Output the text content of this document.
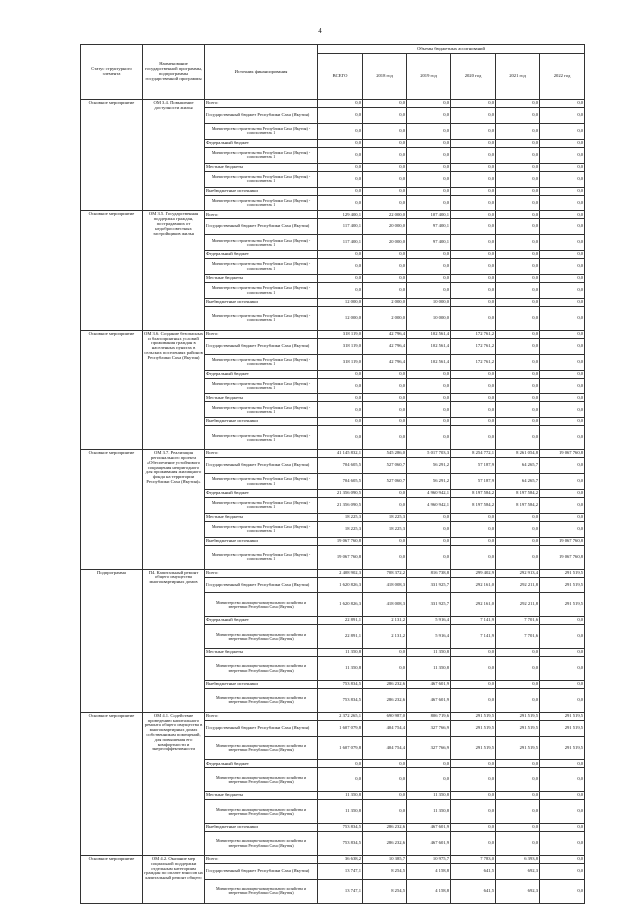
4
Статус структурного элемента	Наименование государственной программы, подпрограммы государственной программы	Источник финансирования	Объемы бюджетных ассигнований					
			ВСЕГО	2018 год	2019 год	2020 год	2021 год	2022 год
Основное мероприятие	ОМ 3.4. Повышение доступности жилья	Всего:	0,0	0,0	0,0	0,0	0,0	0,0
		Государственный бюджет Республики Саха (Якутия)	0,0	0,0	0,0	0,0	0,0	0,0
		Министерство строительства Республики Саха (Якутия) - соисполнитель 1	0,0	0,0	0,0	0,0	0,0	0,0
		Федеральный бюджет	0,0	0,0	0,0	0,0	0,0	0,0
		Министерство строительства Республики Саха (Якутия) - соисполнитель 1	0,0	0,0	0,0	0,0	0,0	0,0
		Местные бюджеты	0,0	0,0	0,0	0,0	0,0	0,0
		Министерство строительства Республики Саха (Якутия) - соисполнитель 1	0,0	0,0	0,0	0,0	0,0	0,0
		Внебюджетные источники	0,0	0,0	0,0	0,0	0,0	0,0
		Министерство строительства Республики Саха (Якутия) - соисполнитель 1	0,0	0,0	0,0	0,0	0,0	0,0
Основное мероприятие	ОМ 3.5. Государственная поддержка граждан, пострадавших от недобросовестных застройщиков жилья	Всего:	129 400,1	22 000,0	107 400,1	0,0	0,0	0,0
		Государственный бюджет Республики Саха (Якутия)	117 400,1	20 000,0	97 400,1	0,0	0,0	0,0
		Министерство строительства Республики Саха (Якутия) - соисполнитель 1	117 400,1	20 000,0	97 400,1	0,0	0,0	0,0
		Федеральный бюджет	0,0	0,0	0,0	0,0	0,0	0,0
		Министерство строительства Республики Саха (Якутия) - соисполнитель 1	0,0	0,0	0,0	0,0	0,0	0,0
		Местные бюджеты	0,0	0,0	0,0	0,0	0,0	0,0
		Министерство строительства Республики Саха (Якутия) - соисполнитель 1	0,0	0,0	0,0	0,0	0,0	0,0
		Внебюджетные источники	12 000,0	2 000,0	10 000,0	0,0	0,0	0,0
		Министерство строительства Республики Саха (Якутия) - соисполнитель 1	12 000,0	2 000,0	10 000,0	0,0	0,0	0,0
Основное мероприятие	ОМ 3.6. Создание безопасных и благоприятных условий проживания граждан в населенных пунктах в сельских поселениях районов Республики Саха (Якутия)	Всего:	318 119,0	42 796,4	102 561,4	172 761,2	0,0	0,0
		Государственный бюджет Республики Саха (Якутия)	318 119,0	42 796,4	102 561,4	172 761,2	0,0	0,0
		Министерство строительства Республики Саха (Якутия) - соисполнитель 1	318 119,0	42 796,4	102 561,4	172 761,2	0,0	0,0
		Федеральный бюджет	0,0	0,0	0,0	0,0	0,0	0,0
		Министерство строительства Республики Саха (Якутия) - соисполнитель 1	0,0	0,0	0,0	0,0	0,0	0,0
		Местные бюджеты	0,0	0,0	0,0	0,0	0,0	0,0
		Министерство строительства Республики Саха (Якутия) - соисполнитель 1	0,0	0,0	0,0	0,0	0,0	0,0
		Внебюджетные источники	0,0	0,0	0,0	0,0	0,0	0,0
		Министерство строительства Республики Саха (Якутия) - соисполнитель 1	0,0	0,0	0,0	0,0	0,0	0,0
Основное мероприятие	ОМ 3.7. Реализация регионального проекта «Обеспечение устойчивого сокращения непригодного для проживания жилищного фонда на территории Республики Саха (Якутия)»	Всего:	41 145 832,1	545 286,0	5 017 703,3	8 254 772,1	8 261 054,8	19 067 760,8
		Государственный бюджет Республики Саха (Якутия)	704 605,5	527 060,7	56 291,2	57 187,9	64 265,7	0,0
		Министерство строительства Республики Саха (Якутия) - соисполнитель 1	704 605,5	527 060,7	56 291,2	57 187,9	64 265,7	0,0
		Федеральный бюджет	21 356 090,5	0,0	4 960 942,1	8 197 584,2	8 197 584,2	0,0
		Министерство строительства Республики Саха (Якутия) - соисполнитель 1	21 356 090,5	0,0	4 960 942,1	8 197 584,2	8 197 584,2	0,0
		Местные бюджеты	18 225,3	18 225,3	0,0	0,0	0,0	0,0
		Министерство строительства Республики Саха (Якутия) - соисполнитель 1	18 225,3	18 225,3	0,0	0,0	0,0	0,0
		Внебюджетные источники	19 067 760,8	0,0	0,0	0,0	0,0	19 067 760,8
		Министерство строительства Республики Саха (Якутия) - соисполнитель 1	19 067 760,8	0,0	0,0	0,0	0,0	19 067 760,8
Подпрограмма	П4. Капитальный ремонт общего имущества многоквартирных домов	Всего:	2 408 902,3	708 372,2	816 738,8	299 402,9	292 913,4	291 519,5
		Государственный бюджет Республики Саха (Якутия)	1 620 826,3	418 008,3	331 925,7	292 161,0	292 211,8	291 519,5
		Министерство жилищно-коммунального хозяйства и энергетики Республики Саха (Якутия)	1 620 826,3	418 008,3	331 925,7	292 161,0	292 211,8	291 519,5
		Федеральный бюджет	22 891,1	2 131,2	5 916,4	7 141,9	7 701,6	0,0
		Министерство жилищно-коммунального хозяйства и энергетики Республики Саха (Якутия)	22 891,1	2 131,2	5 916,4	7 141,9	7 701,6	0,0
		Местные бюджеты	11 350,8	0,0	11 350,8	0,0	0,0	0,0
		Министерство жилищно-коммунального хозяйства и энергетики Республики Саха (Якутия)	11 350,8	0,0	11 350,8	0,0	0,0	0,0
		Внебюджетные источники	753 834,5	286 232,6	467 601,9	0,0	0,0	0,0
		Министерство жилищно-коммунального хозяйства и энергетики Республики Саха (Якутия)	753 834,5	286 232,6	467 601,9	0,0	0,0	0,0
Основное мероприятие	ОМ 4.1. Содействие проведению капитального ремонта общего имущества в многоквартирных домах собственникам помещений, для повышения его комфортности и энергоэффективности	Всего:	2 372 265,1	690 987,0	806 719,6	291 519,5	291 519,5	291 519,5
		Государственный бюджет Республики Саха (Якутия)	1 607 079,8	404 754,4	327 766,9	291 519,5	291 519,5	291 519,5
		Министерство жилищно-коммунального хозяйства и энергетики Республики Саха (Якутия)	1 607 079,8	404 754,4	327 766,9	291 519,5	291 519,5	291 519,5
		Федеральный бюджет	0,0	0,0	0,0	0,0	0,0	0,0
		Министерство жилищно-коммунального хозяйства и энергетики Республики Саха (Якутия)	0,0	0,0	0,0	0,0	0,0	0,0
		Местные бюджеты	11 350,8	0,0	11 350,8	0,0	0,0	0,0
		Министерство жилищно-коммунального хозяйства и энергетики Республики Саха (Якутия)	11 350,8	0,0	11 350,8	0,0	0,0	0,0
		Внебюджетные источники	753 834,5	286 232,6	467 601,9	0,0	0,0	0,0
		Министерство жилищно-коммунального хозяйства и энергетики Республики Саха (Якутия)	753 834,5	286 232,6	467 601,9	0,0	0,0	0,0
Основное мероприятие	ОМ 4.2. Оказание мер социальной поддержки отдельным категориям граждан по оплате взносов на капитальный ремонт общего	Всего:	36 638,2	10 385,7	10 975,7	7 783,0	6 393,8	0,0
		Государственный бюджет Республики Саха (Якутия)	13 747,1	8 254,5	4 158,8	641,5	692,3	0,0
		Министерство жилищно-коммунального хозяйства и энергетики Республики Саха (Якутия)	13 747,1	8 254,5	4 158,8	641,5	692,3	0,0
